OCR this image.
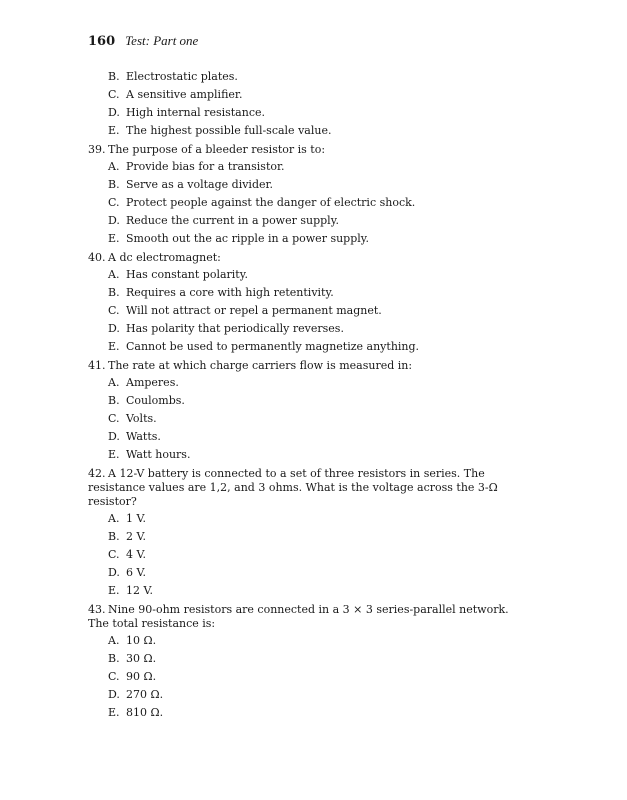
160 Test: Part one
B. Electrostatic plates.
C. A sensitive amplifier.
D. High internal resistance.
E. The highest possible full-scale value.
39. The purpose of a bleeder resistor is to:
A. Provide bias for a transistor.
B. Serve as a voltage divider.
C. Protect people against the danger of electric shock.
D. Reduce the current in a power supply.
E. Smooth out the ac ripple in a power supply.
40. A dc electromagnet:
A. Has constant polarity.
B. Requires a core with high retentivity.
C. Will not attract or repel a permanent magnet.
D. Has polarity that periodically reverses.
E. Cannot be used to permanently magnetize anything.
41. The rate at which charge carriers flow is measured in:
A. Amperes.
B. Coulombs.
C. Volts.
D. Watts.
E. Watt hours.
42. A 12-V battery is connected to a set of three resistors in series. The resistance values are 1,2, and 3 ohms. What is the voltage across the 3-Ω resistor?
A. 1 V.
B. 2 V.
C. 4 V.
D. 6 V.
E. 12 V.
43. Nine 90-ohm resistors are connected in a 3 × 3 series-parallel network. The total resistance is:
A. 10 Ω.
B. 30 Ω.
C. 90 Ω.
D. 270 Ω.
E. 810 Ω.
